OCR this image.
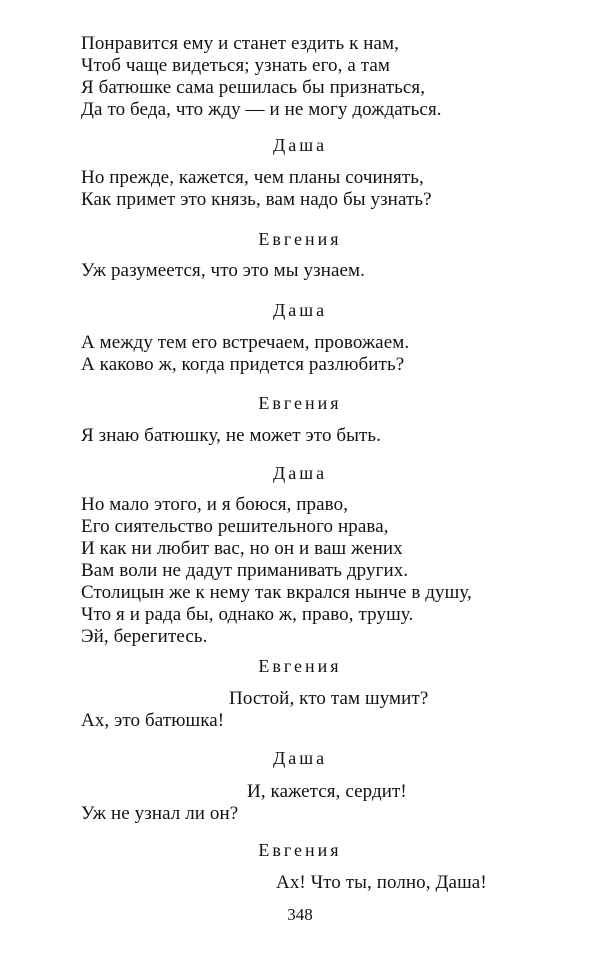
Понравится ему и станет ездить к нам,
Чтоб чаще видеться; узнать его, а там
Я батюшке сама решилась бы признаться,
Да то беда, что жду — и не могу дождаться.
Даша
Но прежде, кажется, чем планы сочинять,
Как примет это князь, вам надо бы узнать?
Евгения
Уж разумеется, что это мы узнаем.
Даша
А между тем его встречаем, провожаем.
А каково ж, когда придется разлюбить?
Евгения
Я знаю батюшку, не может это быть.
Даша
Но мало этого, и я боюся, право,
Его сиятельство решительного нрава,
И как ни любит вас, но он и ваш жених
Вам воли не дадут приманивать других.
Столицын же к нему так вкрался нынче в душу,
Что я и рада бы, однако ж, право, трушу.
Эй, берегитесь.
Евгения
Постой, кто там шумит?
Ах, это батюшка!
Даша
И, кажется, сердит!
Уж не узнал ли он?
Евгения
Ах! Что ты, полно, Даша!
348
